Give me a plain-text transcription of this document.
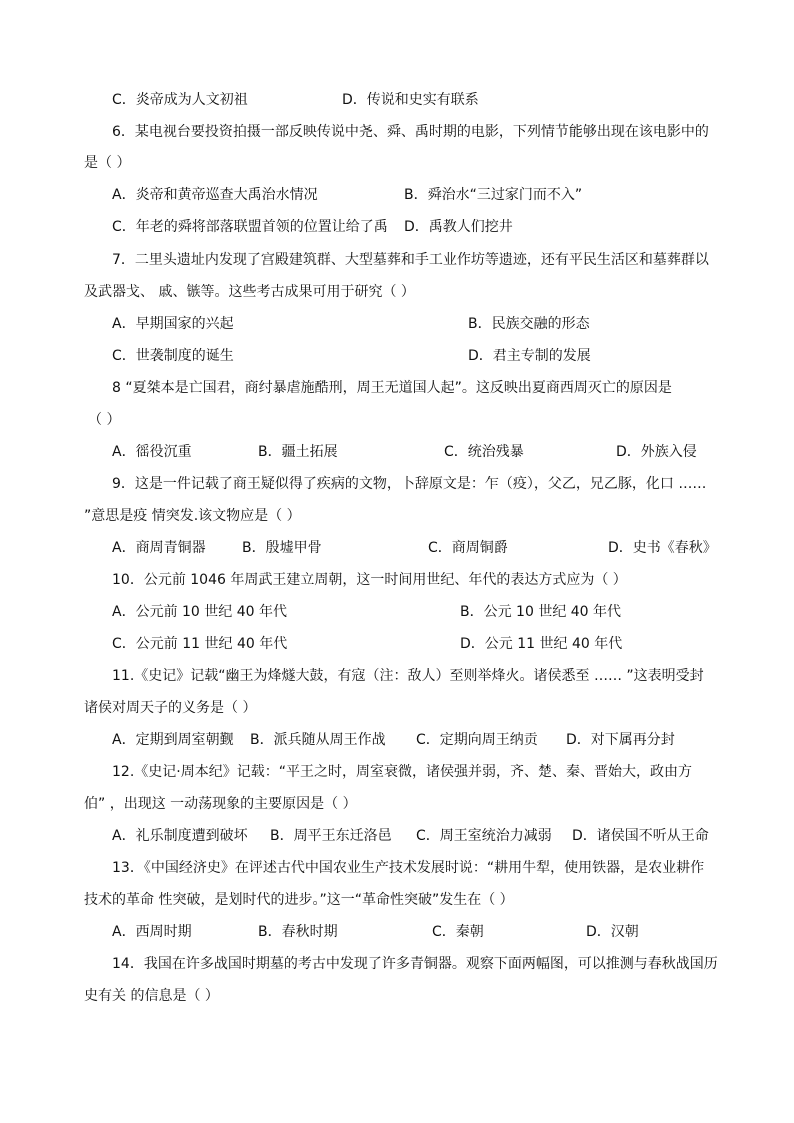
C．炎帝成为人文初祖	D．传说和史实有联系
6．某电视台要投资拍摄一部反映传说中尧、舜、禹时期的电影，下列情节能够出现在该电影中的
是（ ）
A．炎帝和黄帝巡查大禹治水情况	B．舜治水“三过家门而不入”
C．年老的舜将部落联盟首领的位置让给了禹 D．禹教人们挖井
7．二里头遗址内发现了宫殿建筑群、大型墓葬和手工业作坊等遗迹，还有平民生活区和墓葬群以
及武器戈、 戚、镞等。这些考古成果可用于研究（ ）
A．早期国家的兴起	B．民族交融的形态
C．世袭制度的诞生	D．君主专制的发展
8 “夏桀本是亡国君，商纣暴虐施酷刑，周王无道国人起”。这反映出夏商西周灭亡的原因是
（ ）
A．徭役沉重	B．疆土拓展	C．统治残暴	D．外族入侵
9．这是一件记载了商王疑似得了疾病的文物，卜辞原文是：乍（疫），父乙，兄乙豚，化口 ……
”意思是疫 情突发.该文物应是（ ）
A．商周青铜器	B．殷墟甲骨	C．商周铜爵	D．史书《春秋》
10．公元前 1046 年周武王建立周朝，这一时间用世纪、年代的表达方式应为（ ）
A．公元前 10 世纪 40 年代	B．公元 10 世纪 40 年代
C．公元前 11 世纪 40 年代	D．公元 11 世纪 40 年代
11.《史记》记载“幽王为烽燧大鼓，有寇（注：敌人）至则举烽火。诸侯悉至 …… ”这表明受封
诸侯对周天子的义务是（ ）
A．定期到周室朝觐 B．派兵随从周王作战 C．定期向周王纳贡 D．对下属再分封
12.《史记·周本纪》记载：“平王之时，周室衰微，诸侯强并弱，齐、楚、秦、晋始大，政由方
伯” ，出现这 一动荡现象的主要原因是（ ）
A．礼乐制度遭到破坏 B．周平王东迁洛邑 C．周王室统治力减弱 D．诸侯国不听从王命
13．《中国经济史》在评述古代中国农业生产技术发展时说：“耕用牛犁，使用铁器，是农业耕作
技术的革命 性突破，是划时代的进步。”这一“革命性突破”发生在（ ）
A．西周时期	B．春秋时期	C．秦朝	D．汉朝
14．我国在许多战国时期墓的考古中发现了许多青铜器。观察下面两幅图，可以推测与春秋战国历
史有关 的信息是（ ）
